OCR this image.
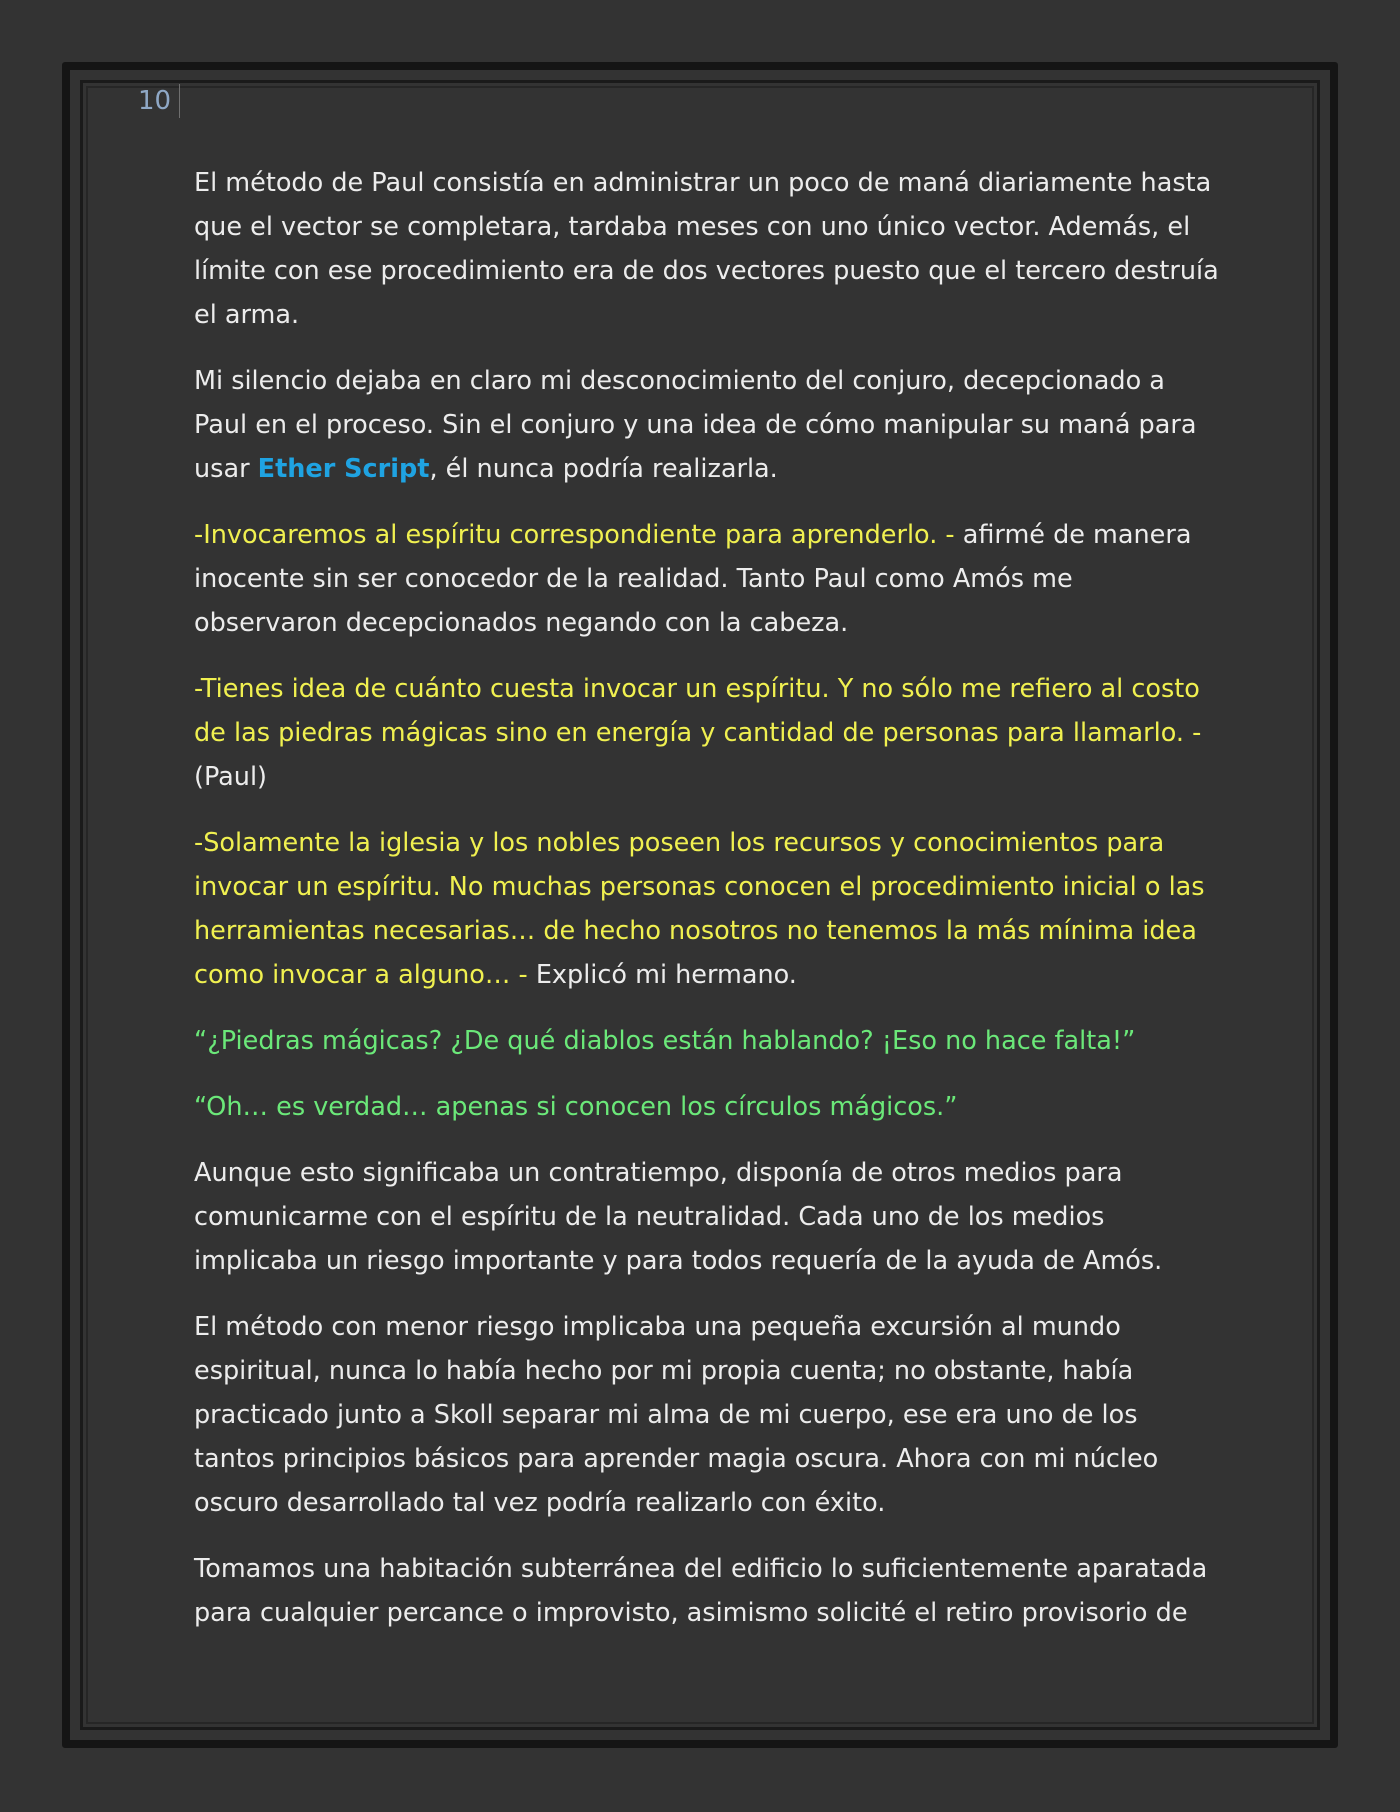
10

El método de Paul consistía en administrar un poco de maná diariamente hasta que el vector se completara, tardaba meses con uno único vector. Además, el límite con ese procedimiento era de dos vectores puesto que el tercero destruía el arma.

Mi silencio dejaba en claro mi desconocimiento del conjuro, decepcionado a Paul en el proceso. Sin el conjuro y una idea de cómo manipular su maná para usar Ether Script, él nunca podría realizarla.

-Invocaremos al espíritu correspondiente para aprenderlo. - afirmé de manera inocente sin ser conocedor de la realidad. Tanto Paul como Amós me observaron decepcionados negando con la cabeza.

-Tienes idea de cuánto cuesta invocar un espíritu. Y no sólo me refiero al costo de las piedras mágicas sino en energía y cantidad de personas para llamarlo. - (Paul)

-Solamente la iglesia y los nobles poseen los recursos y conocimientos para invocar un espíritu. No muchas personas conocen el procedimiento inicial o las herramientas necesarias… de hecho nosotros no tenemos la más mínima idea como invocar a alguno… - Explicó mi hermano.

“¿Piedras mágicas? ¿De qué diablos están hablando? ¡Eso no hace falta!”

“Oh… es verdad… apenas si conocen los círculos mágicos.”

Aunque esto significaba un contratiempo, disponía de otros medios para comunicarme con el espíritu de la neutralidad. Cada uno de los medios implicaba un riesgo importante y para todos requería de la ayuda de Amós.

El método con menor riesgo implicaba una pequeña excursión al mundo espiritual, nunca lo había hecho por mi propia cuenta; no obstante, había practicado junto a Skoll separar mi alma de mi cuerpo, ese era uno de los tantos principios básicos para aprender magia oscura. Ahora con mi núcleo oscuro desarrollado tal vez podría realizarlo con éxito.

Tomamos una habitación subterránea del edificio lo suficientemente aparatada para cualquier percance o improvisto, asimismo solicité el retiro provisorio de
